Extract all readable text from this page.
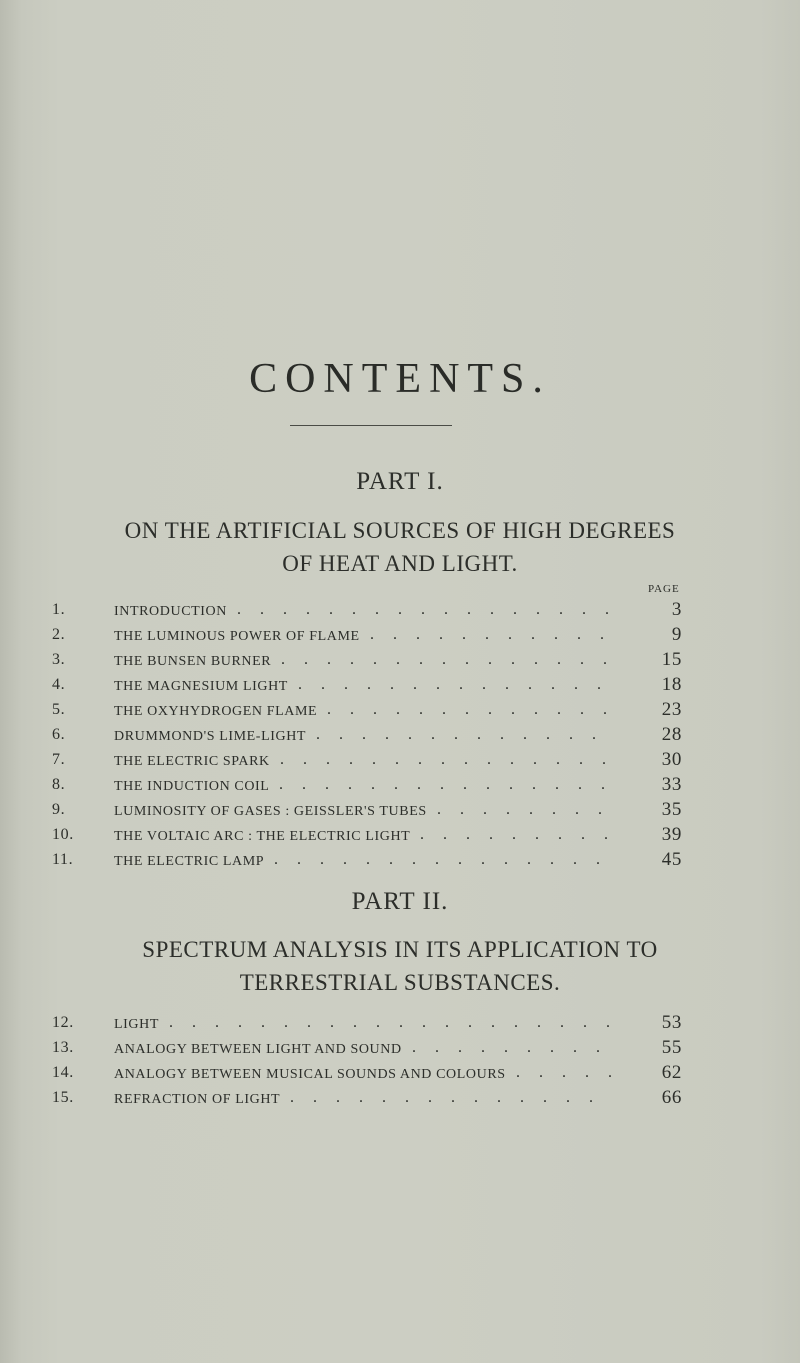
CONTENTS.
PART I.
ON THE ARTIFICIAL SOURCES OF HIGH DEGREES
OF HEAT AND LIGHT.
PAGE
1.	INTRODUCTION .................	3
2.	THE LUMINOUS POWER OF FLAME ...........	9
3.	THE BUNSEN BURNER ...............	15
4.	THE MAGNESIUM LIGHT ..............	18
5.	THE OXYHYDROGEN FLAME .............	23
6.	DRUMMOND'S LIME-LIGHT .............	28
7.	THE ELECTRIC SPARK ...............	30
8.	THE INDUCTION COIL ...............	33
9.	LUMINOSITY OF GASES : GEISSLER'S TUBES ........	35
10.	THE VOLTAIC ARC : THE ELECTRIC LIGHT .........	39
11.	THE ELECTRIC LAMP ...............	45
PART II.
SPECTRUM ANALYSIS IN ITS APPLICATION TO
TERRESTRIAL SUBSTANCES.
12.	LIGHT ....................	53
13.	ANALOGY BETWEEN LIGHT AND SOUND .........	55
14.	ANALOGY BETWEEN MUSICAL SOUNDS AND COLOURS .....	62
15.	REFRACTION OF LIGHT ..............	66
